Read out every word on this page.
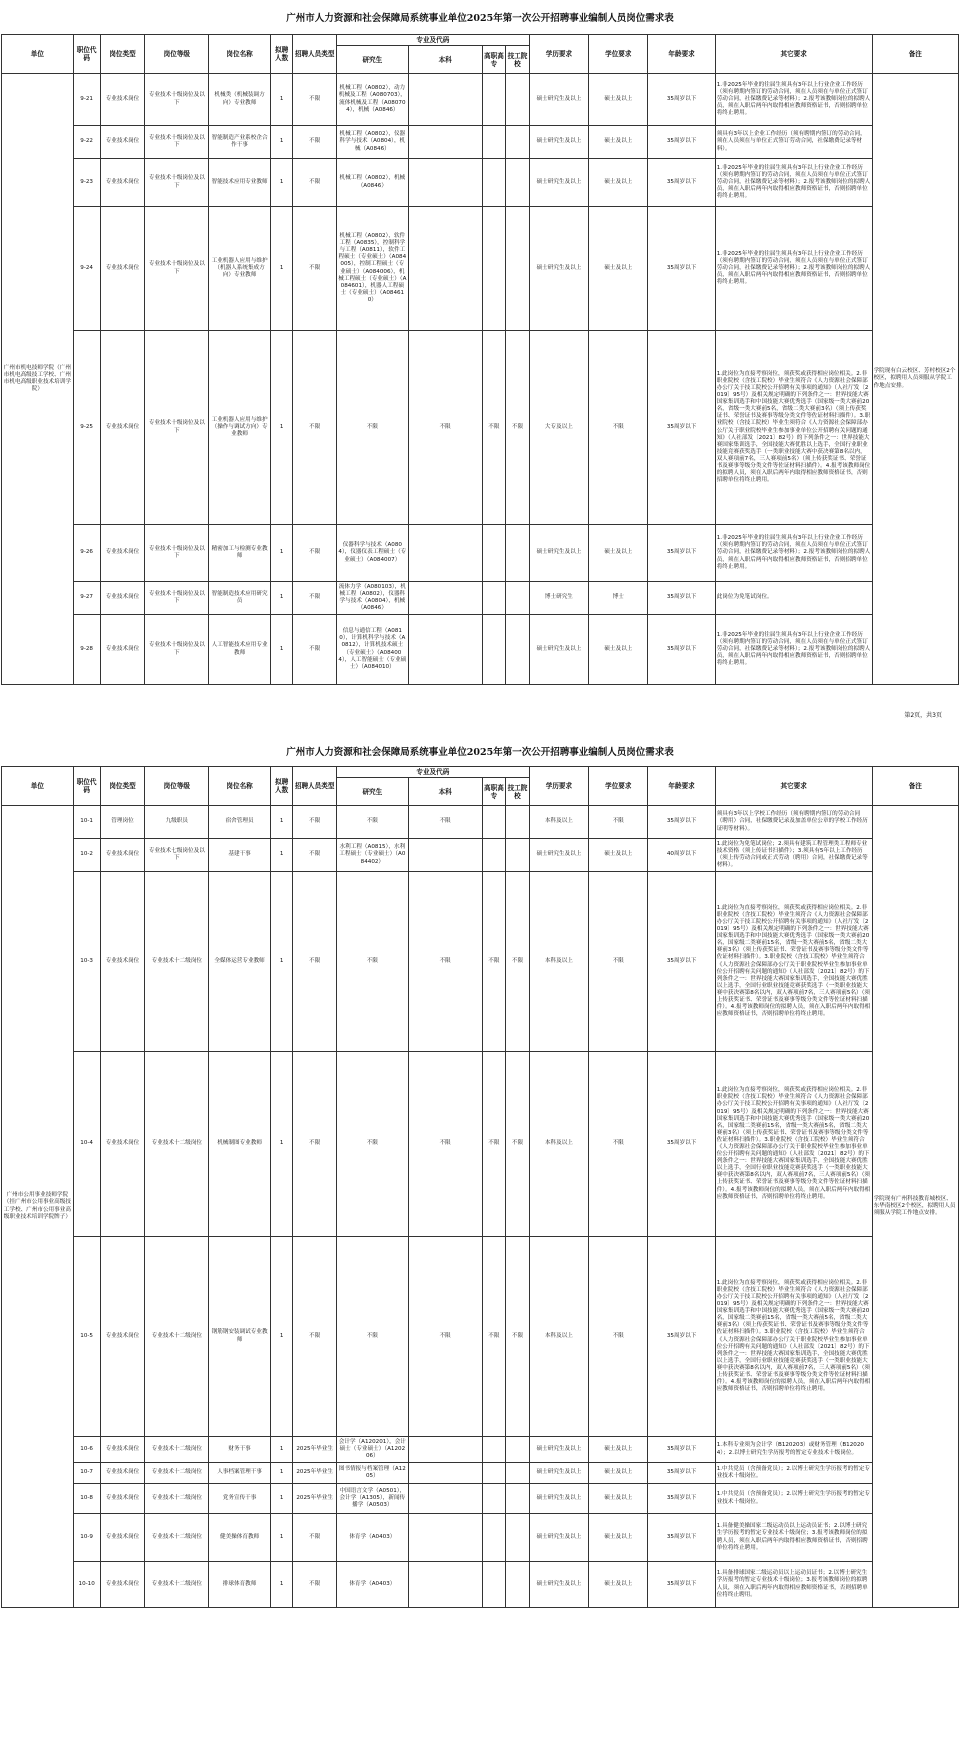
广州市人力资源和社会保障局系统事业单位2025年第一次公开招聘事业编制人员岗位需求表
单位	职位代码	岗位类型	岗位等级	岗位名称	拟聘人数	招聘人员类型	专业及代码				学历要求	学位要求	年龄要求	其它要求	备注
							研究生	本科	高职高专	技工院校					
广州市机电技师学院（广州市机电高级技工学校、广州市机电高级职业技术培训学院）	9-21	专业技术岗位	专业技术十级岗位及以下	机械类（机械装调方向）专业教师	1	不限	机械工程（A0802），动力机械及工程（A080703），流体机械及工程（A080704），机械（A0846）				硕士研究生及以上	硕士及以上	35周岁以下	1.非2025年毕业的往届生须具有3年以上行业企业工作经历（须有聘期内签订的劳动合同，须在人员须在与单位正式签订劳动合同，社保缴费记录等材料）；2.报考该教师岗位的拟聘人员，须在入职后两年内取得相应教师资格证书，否则招聘单位将终止聘用。	学院现有白云校区、芳村校区2个校区，拟聘用人员须服从学院工作地点安排。
	9-22	专业技术岗位	专业技术十级岗位及以下	智能制造产业系校企合作干事	1	不限	机械工程（A0802），仪器科学与技术（A0804），机械（A0846）				硕士研究生及以上	硕士及以上	35周岁以下	须具有3年以上企业工作经历（须有聘期内签订的劳动合同，须在人员须在与单位正式签订劳动合同，社保缴费记录等材料）。	
	9-23	专业技术岗位	专业技术十级岗位及以下	智能技术应用专业教师	1	不限	机械工程（A0802），机械（A0846）				硕士研究生及以上	硕士及以上	35周岁以下	1.非2025年毕业的往届生须具有3年以上行业企业工作经历（须有聘期内签订的劳动合同，须在人员须在与单位正式签订劳动合同，社保缴费记录等材料）；2.报考该教师岗位的拟聘人员，须在入职后两年内取得相应教师资格证书，否则招聘单位将终止聘用。	
	9-24	专业技术岗位	专业技术十级岗位及以下	工业机器人应用与维护（机器人系统集成方向）专业教师	1	不限	机械工程（A0802），软件工程（A0835），控制科学与工程（A0811），软件工程硕士（专业硕士）（A084005），控制工程硕士（专业硕士）（A084006），机械工程硕士（专业硕士）（A084601），机器人工程硕士（专业硕士）（A084610）				硕士研究生及以上	硕士及以上	35周岁以下	1.非2025年毕业的往届生须具有3年以上行业企业工作经历（须有聘期内签订的劳动合同，须在人员须在与单位正式签订劳动合同，社保缴费记录等材料）；2.报考该教师岗位的拟聘人员，须在入职后两年内取得相应教师资格证书，否则招聘单位将终止聘用。	
	9-25	专业技术岗位	专业技术十级岗位及以下	工业机器人应用与维护（操作与调试方向）专业教师	1	不限	不限	不限	不限	不限	大专及以上	不限	35周岁以下	1.此岗位为直接考察岗位，须获奖或获得相应岗位相关。2.非职业院校（含技工院校）毕业生须符合《人力资源社会保障部办公厅关于技工院校公开招聘有关事项的通知》（人社厅发〔2019〕95号）及相关规定明确的下列条件之一：世界技能大赛国家集训选手和中国技能大赛优秀选手（国家级一类大赛前20名，省级一类大赛前5名，省级二类大赛前3名）（须上传获奖证书、荣誉证书及赛事等级分类文件等佐证材料扫描件）。3.职业院校（含技工院校）毕业生须符合《人力资源社会保障部办公厅关于职业院校毕业生参加事业单位公开招聘有关问题的通知》（人社部发〔2021〕82号）的下列条件之一：世界技能大赛国家集训选手，全国技能大赛优胜以上选手，全国行业职业技能竞赛获奖选手（一类职业技能大赛中获决赛第8名以内，双人赛项前7名，三人赛项前5名）（须上传获奖证书、荣誉证书及赛事等级分类文件等佐证材料扫描件）。4.报考该教师岗位的拟聘人员，须在入职后两年内取得相应教师资格证书，否则招聘单位将终止聘用。	
	9-26	专业技术岗位	专业技术十级岗位及以下	精密加工与检测专业教师	1	不限	仪器科学与技术（A0804），仪器仪表工程硕士（专业硕士）（A084007）				硕士研究生及以上	硕士及以上	35周岁以下	1.非2025年毕业的往届生须具有3年以上行业企业工作经历（须有聘期内签订的劳动合同，须在人员须在与单位正式签订劳动合同，社保缴费记录等材料）；2.报考该教师岗位的拟聘人员，须在入职后两年内取得相应教师资格证书，否则招聘单位将终止聘用。	
	9-27	专业技术岗位	专业技术十级岗位及以下	智能制造技术应用研究员	1	不限	流体力学（A080103），机械工程（A0802），仪器科学与技术（A0804），机械（A0846）				博士研究生	博士	35周岁以下	此岗位为免笔试岗位。	
	9-28	专业技术岗位	专业技术十级岗位及以下	人工智能技术应用专业教师	1	不限	信息与通信工程（A0810），计算机科学与技术（A0812），计算机技术硕士（专业硕士）（A084004），人工智能硕士（专业硕士）（A084010）				硕士研究生及以上	硕士及以上	35周岁以下	1.非2025年毕业的往届生须具有3年以上行业企业工作经历（须有聘期内签订的劳动合同，须在人员须在与单位正式签订劳动合同，社保缴费记录等材料）；2.报考该教师岗位的拟聘人员，须在入职后两年内取得相应教师资格证书，否则招聘单位将终止聘用。	
第2页，共3页
广州市人力资源和社会保障局系统事业单位2025年第一次公开招聘事业编制人员岗位需求表
单位	职位代码	岗位类型	岗位等级	岗位名称	拟聘人数	招聘人员类型	专业及代码				学历要求	学位要求	年龄要求	其它要求	备注
							研究生	本科	高职高专	技工院校					
广州市公用事业技师学院（挂广州市公用事业高级技工学校、广州市公用事业高级职业技术培训学院牌子）	10-1	管理岗位	九级职员	宿舍管理员	1	不限	不限	不限			本科及以上	不限	35周岁以下	须具有3年以上学校工作经历（须有聘期内签订的劳动合同（聘用）合同，社保缴费记录及加盖单位公章的学校工作经历证明等材料）。	学院现有广州科技教育城校区、东华南校区2个校区，拟聘用人员须服从学院工作地点安排。
	10-2	专业技术岗位	专业技术七级岗位及以下	基建干事	1	不限	水利工程（A0815），水利工程硕士（专业硕士）（A084402）				硕士研究生及以上	硕士及以上	40周岁以下	1.此岗位为免笔试岗位；2.须具有建筑工程管理类工程师专业技术资格（须上传证书扫描件）；3.须具有5年以上工作经历（须上传劳动合同或正式劳动（聘用）合同，社保缴费记录等材料）。	
	10-3	专业技术岗位	专业技术十二级岗位	全媒体运营专业教师	1	不限	不限	不限	不限	不限	本科及以上	不限	35周岁以下	1.此岗位为直接考察岗位，须获奖或获得相应岗位相关。2.非职业院校（含技工院校）毕业生须符合《人力资源社会保障部办公厅关于技工院校公开招聘有关事项的通知》（人社厅发〔2019〕95号）及相关规定明确的下列条件之一：世界技能大赛国家集训选手和中国技能大赛优秀选手（国家级一类大赛前20名，国家级二类赛前15名，省级一类大赛前5名，省级二类大赛前3名）（须上传获奖证书、荣誉证书及赛事等级分类文件等佐证材料扫描件）。3.职业院校（含技工院校）毕业生须符合《人力资源社会保障部办公厅关于职业院校毕业生参加事业单位公开招聘有关问题的通知》（人社部发〔2021〕82号）的下列条件之一：世界技能大赛国家集训选手，全国技能大赛优胜以上选手，全国行业职业技能竞赛获奖选手（一类职业技能大赛中获决赛第8名以内，双人赛项前7名，三人赛项前5名）（须上传获奖证书、荣誉证书及赛事等级分类文件等佐证材料扫描件）。4.报考该教师岗位的拟聘人员，须在入职后两年内取得相应教师资格证书，否则招聘单位将终止聘用。	
	10-4	专业技术岗位	专业技术十二级岗位	机械制图专业教师	1	不限	不限	不限	不限	不限	本科及以上	不限	35周岁以下	1.此岗位为直接考察岗位，须获奖或获得相应岗位相关。2.非职业院校（含技工院校）毕业生须符合《人力资源社会保障部办公厅关于技工院校公开招聘有关事项的通知》（人社厅发〔2019〕95号）及相关规定明确的下列条件之一：世界技能大赛国家集训选手和中国技能大赛优秀选手（国家级一类大赛前20名，国家级二类赛前15名，省级一类大赛前5名，省级二类大赛前3名）（须上传获奖证书、荣誉证书及赛事等级分类文件等佐证材料扫描件）。3.职业院校（含技工院校）毕业生须符合《人力资源社会保障部办公厅关于职业院校毕业生参加事业单位公开招聘有关问题的通知》（人社部发〔2021〕82号）的下列条件之一：世界技能大赛国家集训选手，全国技能大赛优胜以上选手，全国行业职业技能竞赛获奖选手（一类职业技能大赛中获决赛第8名以内，双人赛项前7名，三人赛项前5名）（须上传获奖证书、荣誉证书及赛事等级分类文件等佐证材料扫描件）。4.报考该教师岗位的拟聘人员，须在入职后两年内取得相应教师资格证书，否则招聘单位将终止聘用。	
	10-5	专业技术岗位	专业技术十二级岗位	钢筋钢安装调试专业教师	1	不限	不限	不限	不限	不限	本科及以上	不限	35周岁以下	1.此岗位为直接考察岗位，须获奖或获得相应岗位相关。2.非职业院校（含技工院校）毕业生须符合《人力资源社会保障部办公厅关于技工院校公开招聘有关事项的通知》（人社厅发〔2019〕95号）及相关规定明确的下列条件之一：世界技能大赛国家集训选手和中国技能大赛优秀选手（国家级一类大赛前20名，国家级二类赛前15名，省级一类大赛前5名，省级二类大赛前3名）（须上传获奖证书、荣誉证书及赛事等级分类文件等佐证材料扫描件）。3.职业院校（含技工院校）毕业生须符合《人力资源社会保障部办公厅关于职业院校毕业生参加事业单位公开招聘有关问题的通知》（人社部发〔2021〕82号）的下列条件之一：世界技能大赛国家集训选手，全国技能大赛优胜以上选手，全国行业职业技能竞赛获奖选手（一类职业技能大赛中获决赛第8名以内，双人赛项前7名，三人赛项前5名）（须上传获奖证书、荣誉证书及赛事等级分类文件等佐证材料扫描件）。4.报考该教师岗位的拟聘人员，须在入职后两年内取得相应教师资格证书，否则招聘单位将终止聘用。	
	10-6	专业技术岗位	专业技术十二级岗位	财务干事	1	2025年毕业生	会计学（A120201），会计硕士（专业硕士）（A120206）				硕士研究生及以上	硕士及以上	35周岁以下	1.本科专业须为会计学（B120203）或财务管理（B120204）；2.以博士研究生学历报考的暂定专业技术十级岗位。	
	10-7	专业技术岗位	专业技术十二级岗位	人事档案管理干事	1	2025年毕业生	图书情报与档案管理（A1205）				硕士研究生及以上	硕士及以上	35周岁以下	1.中共党员（含预备党员）；2.以博士研究生学历报考的暂定专业技术十级岗位。	
	10-8	专业技术岗位	专业技术十二级岗位	党务宣传干事	1	2025年毕业生	中国语言文学（A0501），会计学（A1305），新闻传播学（A0503）				硕士研究生及以上	硕士及以上	35周岁以下	1.中共党员（含预备党员）；2.以博士研究生学历报考的暂定专业技术十级岗位。	
	10-9	专业技术岗位	专业技术十二级岗位	健美操体育教师	1	不限	体育学（A0403）				硕士研究生及以上	硕士及以上	35周岁以下	1.具备健美操国家二级运动员以上运动员证书；2.以博士研究生学历报考的暂定专业技术十级岗位；3.报考该教师岗位的拟聘人员，须在入职后两年内取得相应教师资格证书，否则招聘单位将终止聘用。	
	10-10	专业技术岗位	专业技术十二级岗位	排球体育教师	1	不限	体育学（A0403）				硕士研究生及以上	硕士及以上	35周岁以下	1.具备排球国家二级运动员以上运动员证书；2.以博士研究生学历报考的暂定专业技术十级岗位；3.报考该教师岗位的拟聘人员，须在入职后两年内取得相应教师资格证书，否则招聘单位将终止聘用。	
